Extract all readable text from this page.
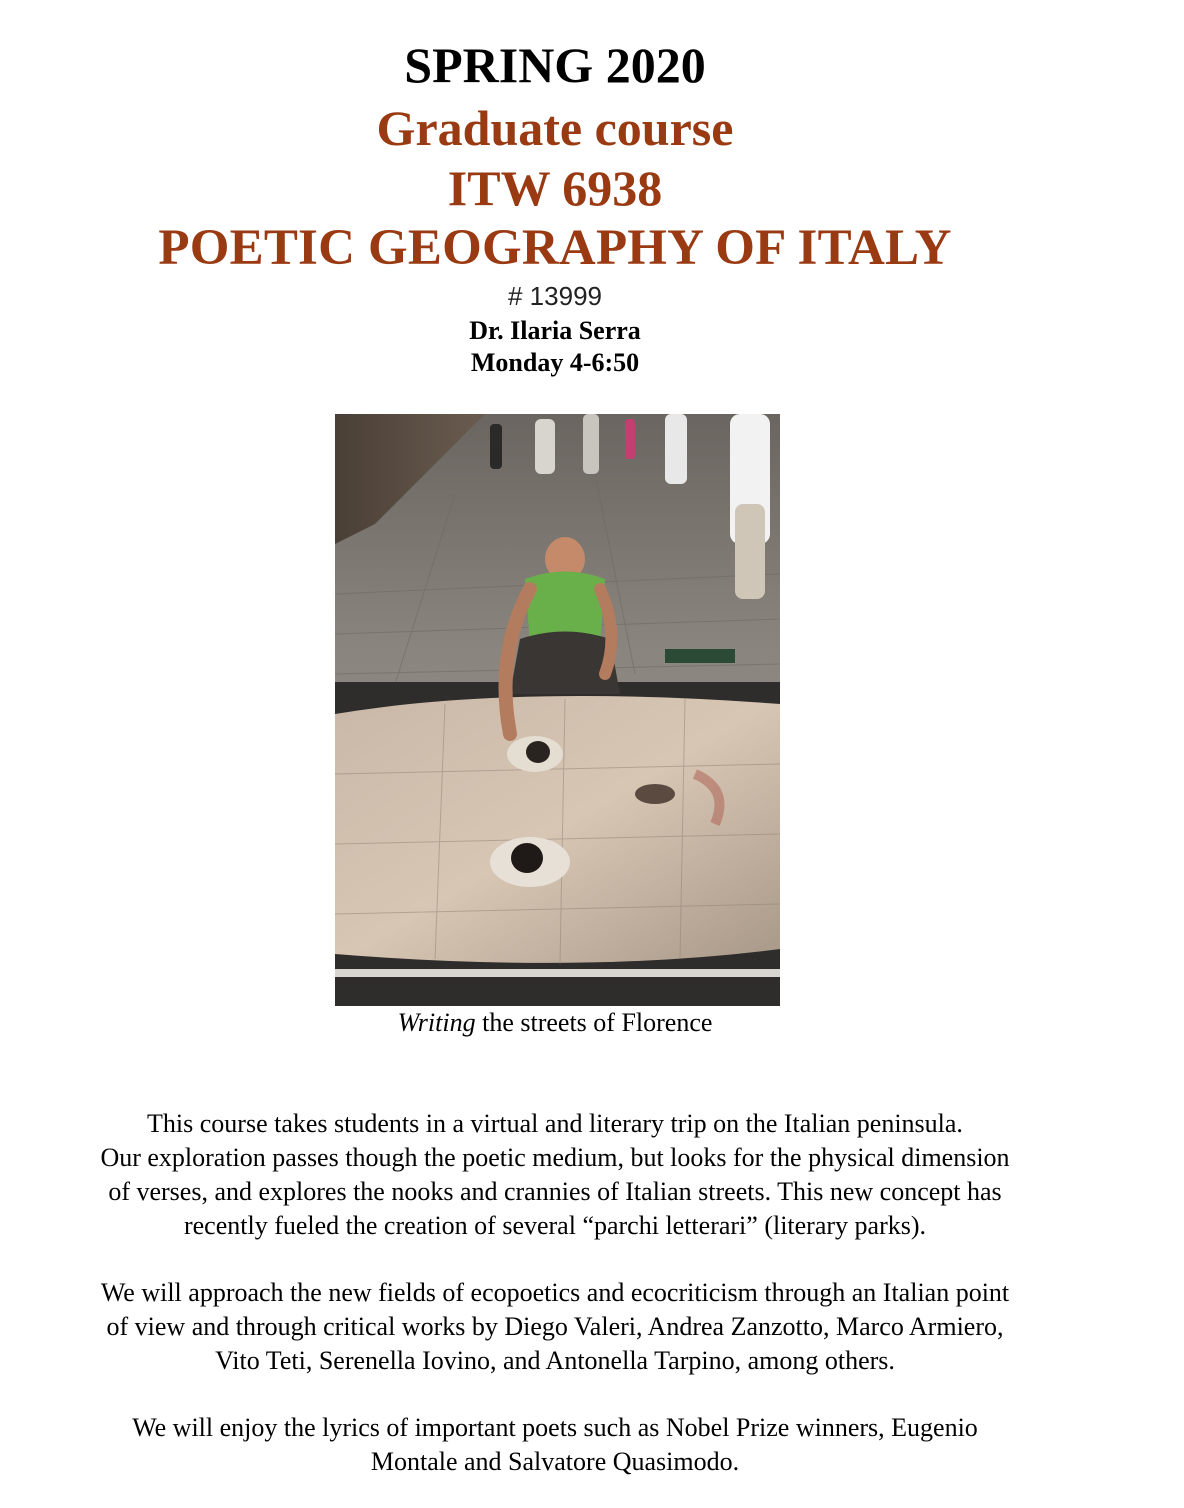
SPRING 2020
Graduate course
ITW 6938
POETIC GEOGRAPHY OF ITALY
# 13999
Dr. Ilaria Serra
Monday 4-6:50
Writing the streets of Florence
This course takes students in a virtual and literary trip on the Italian peninsula.
Our exploration passes though the poetic medium, but looks for the physical dimension
of verses, and explores the nooks and crannies of Italian streets. This new concept has
recently fueled the creation of several “parchi letterari” (literary parks).
We will approach the new fields of ecopoetics and ecocriticism through an Italian point
of view and through critical works by Diego Valeri, Andrea Zanzotto, Marco Armiero,
Vito Teti, Serenella Iovino, and Antonella Tarpino, among others.
We will enjoy the lyrics of important poets such as Nobel Prize winners, Eugenio
Montale and Salvatore Quasimodo.
